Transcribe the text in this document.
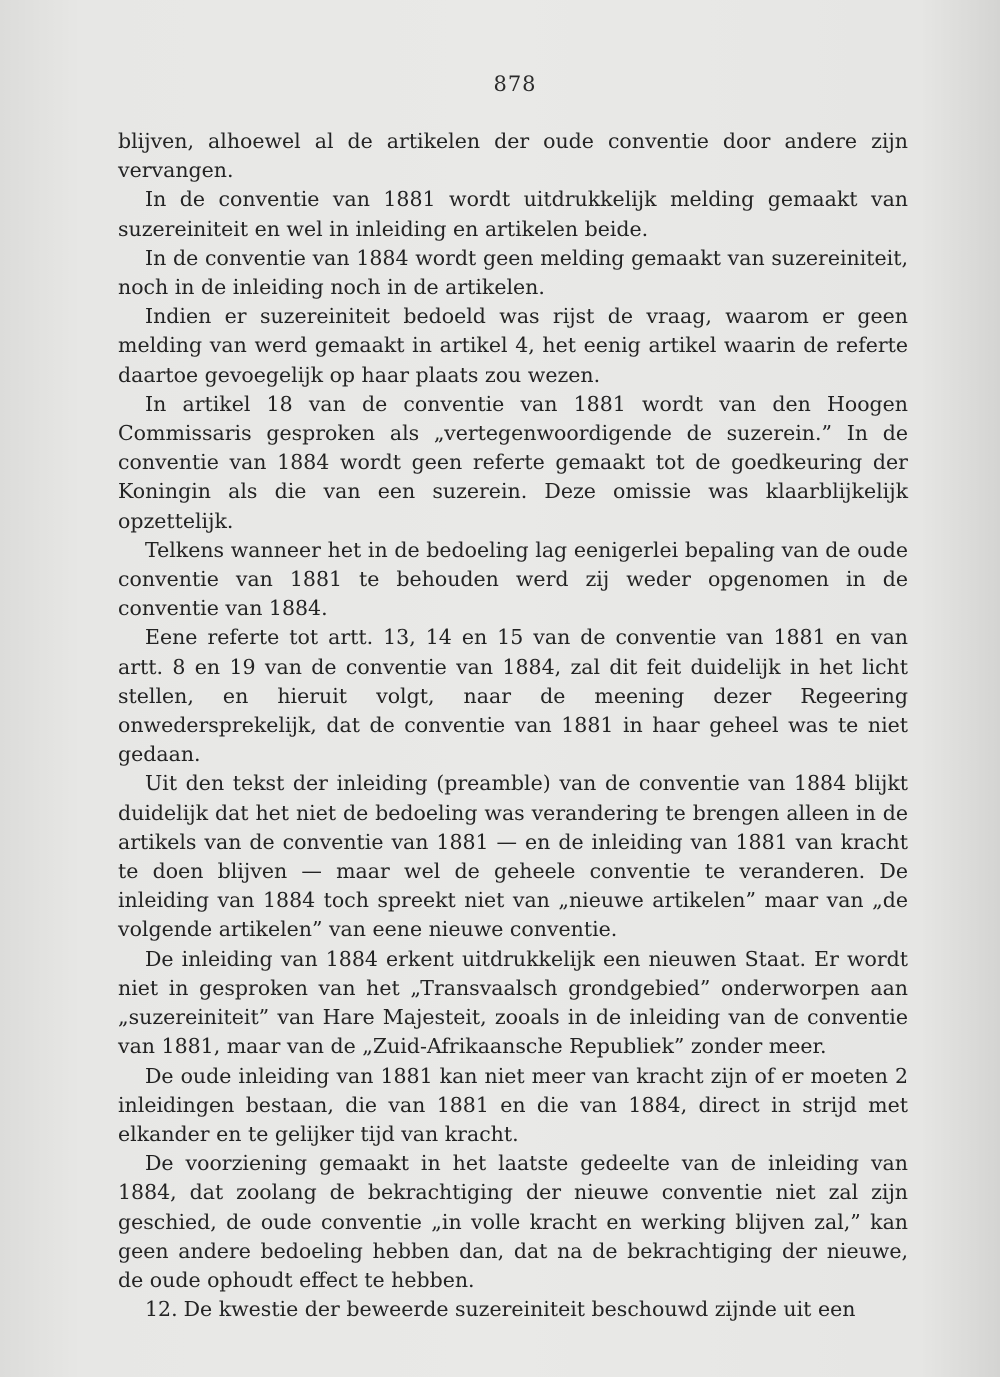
878

blijven, alhoewel al de artikelen der oude conventie door andere zijn vervangen.

In de conventie van 1881 wordt uitdrukkelijk melding gemaakt van suzereiniteit en wel in inleiding en artikelen beide.

In de conventie van 1884 wordt geen melding gemaakt van suzereiniteit, noch in de inleiding noch in de artikelen.

Indien er suzereiniteit bedoeld was rijst de vraag, waarom er geen melding van werd gemaakt in artikel 4, het eenig artikel waarin de referte daartoe gevoegelijk op haar plaats zou wezen.

In artikel 18 van de conventie van 1881 wordt van den Hoogen Commissaris gesproken als „vertegenwoordigende de suzerein.” In de conventie van 1884 wordt geen referte gemaakt tot de goedkeuring der Koningin als die van een suzerein. Deze omissie was klaarblijkelijk opzettelijk.

Telkens wanneer het in de bedoeling lag eenigerlei bepaling van de oude conventie van 1881 te behouden werd zij weder opgenomen in de conventie van 1884.

Eene referte tot artt. 13, 14 en 15 van de conventie van 1881 en van artt. 8 en 19 van de conventie van 1884, zal dit feit duidelijk in het licht stellen, en hieruit volgt, naar de meening dezer Regeering onwedersprekelijk, dat de conventie van 1881 in haar geheel was te niet gedaan.

Uit den tekst der inleiding (preamble) van de conventie van 1884 blijkt duidelijk dat het niet de bedoeling was verandering te brengen alleen in de artikels van de conventie van 1881 — en de inleiding van 1881 van kracht te doen blijven — maar wel de geheele conventie te veranderen. De inleiding van 1884 toch spreekt niet van „nieuwe artikelen” maar van „de volgende artikelen” van eene nieuwe conventie.

De inleiding van 1884 erkent uitdrukkelijk een nieuwen Staat. Er wordt niet in gesproken van het „Transvaalsch grondgebied” onderworpen aan „suzereiniteit” van Hare Majesteit, zooals in de inleiding van de conventie van 1881, maar van de „Zuid-Afrikaansche Republiek” zonder meer.

De oude inleiding van 1881 kan niet meer van kracht zijn of er moeten 2 inleidingen bestaan, die van 1881 en die van 1884, direct in strijd met elkander en te gelijker tijd van kracht.

De voorziening gemaakt in het laatste gedeelte van de inleiding van 1884, dat zoolang de bekrachtiging der nieuwe conventie niet zal zijn geschied, de oude conventie „in volle kracht en werking blijven zal,” kan geen andere bedoeling hebben dan, dat na de bekrachtiging der nieuwe, de oude ophoudt effect te hebben.

12. De kwestie der beweerde suzereiniteit beschouwd zijnde uit een
